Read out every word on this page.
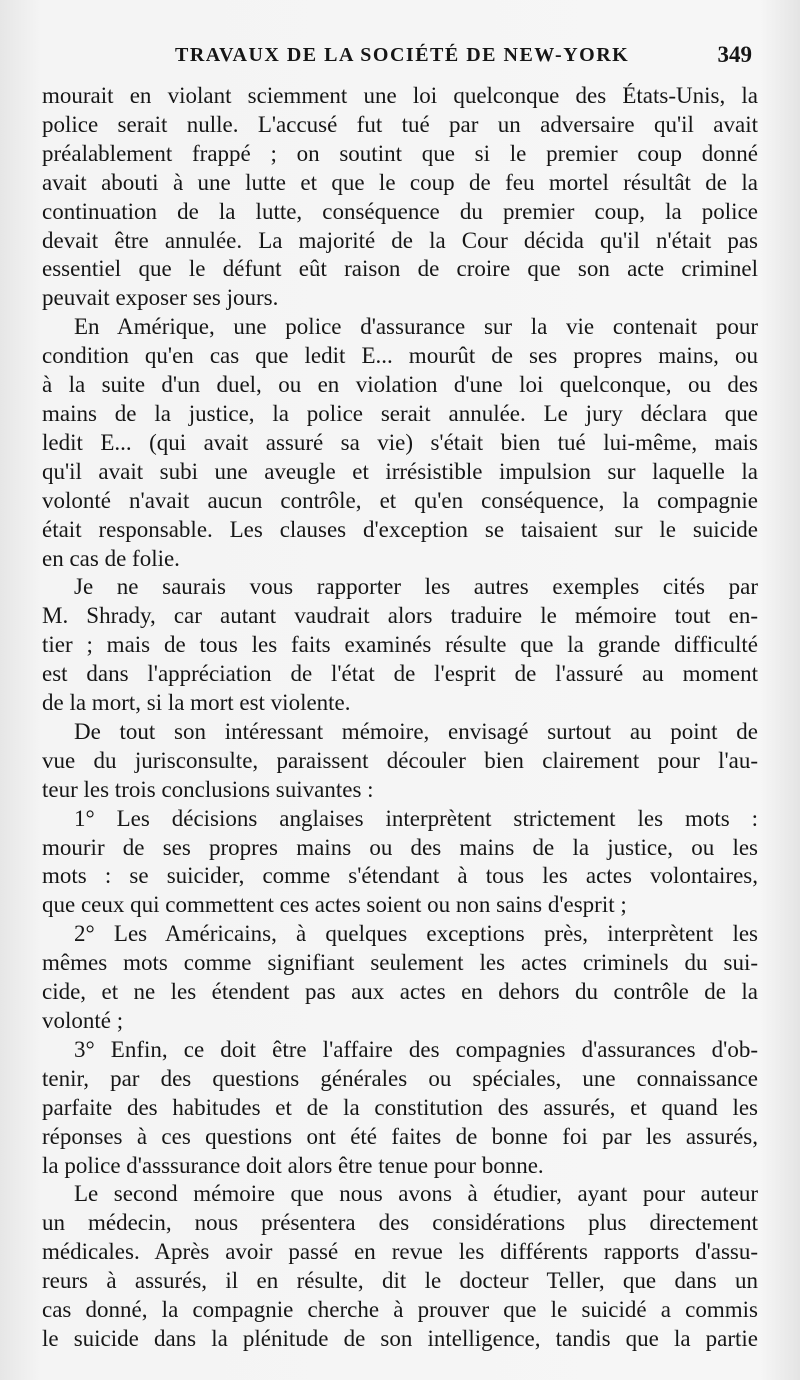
TRAVAUX DE LA SOCIÉTÉ DE NEW-YORK	349
mourait en violant sciemment une loi quelconque des États-Unis, la
police serait nulle. L'accusé fut tué par un adversaire qu'il avait
préalablement frappé ; on soutint que si le premier coup donné
avait abouti à une lutte et que le coup de feu mortel résultât de la
continuation de la lutte, conséquence du premier coup, la police
devait être annulée. La majorité de la Cour décida qu'il n'était pas
essentiel que le défunt eût raison de croire que son acte criminel
peuvait exposer ses jours.
En Amérique, une police d'assurance sur la vie contenait pour
condition qu'en cas que ledit E... mourût de ses propres mains, ou
à la suite d'un duel, ou en violation d'une loi quelconque, ou des
mains de la justice, la police serait annulée. Le jury déclara que
ledit E... (qui avait assuré sa vie) s'était bien tué lui-même, mais
qu'il avait subi une aveugle et irrésistible impulsion sur laquelle la
volonté n'avait aucun contrôle, et qu'en conséquence, la compagnie
était responsable. Les clauses d'exception se taisaient sur le suicide
en cas de folie.
Je ne saurais vous rapporter les autres exemples cités par
M. Shrady, car autant vaudrait alors traduire le mémoire tout en-
tier ; mais de tous les faits examinés résulte que la grande difficulté
est dans l'appréciation de l'état de l'esprit de l'assuré au moment
de la mort, si la mort est violente.
De tout son intéressant mémoire, envisagé surtout au point de
vue du jurisconsulte, paraissent découler bien clairement pour l'au-
teur les trois conclusions suivantes :
1° Les décisions anglaises interprètent strictement les mots :
mourir de ses propres mains ou des mains de la justice, ou les
mots : se suicider, comme s'étendant à tous les actes volontaires,
que ceux qui commettent ces actes soient ou non sains d'esprit ;
2° Les Américains, à quelques exceptions près, interprètent les
mêmes mots comme signifiant seulement les actes criminels du sui-
cide, et ne les étendent pas aux actes en dehors du contrôle de la
volonté ;
3° Enfin, ce doit être l'affaire des compagnies d'assurances d'ob-
tenir, par des questions générales ou spéciales, une connaissance
parfaite des habitudes et de la constitution des assurés, et quand les
réponses à ces questions ont été faites de bonne foi par les assurés,
la police d'asssurance doit alors être tenue pour bonne.
Le second mémoire que nous avons à étudier, ayant pour auteur
un médecin, nous présentera des considérations plus directement
médicales. Après avoir passé en revue les différents rapports d'assu-
reurs à assurés, il en résulte, dit le docteur Teller, que dans un
cas donné, la compagnie cherche à prouver que le suicidé a commis
le suicide dans la plénitude de son intelligence, tandis que la partie
